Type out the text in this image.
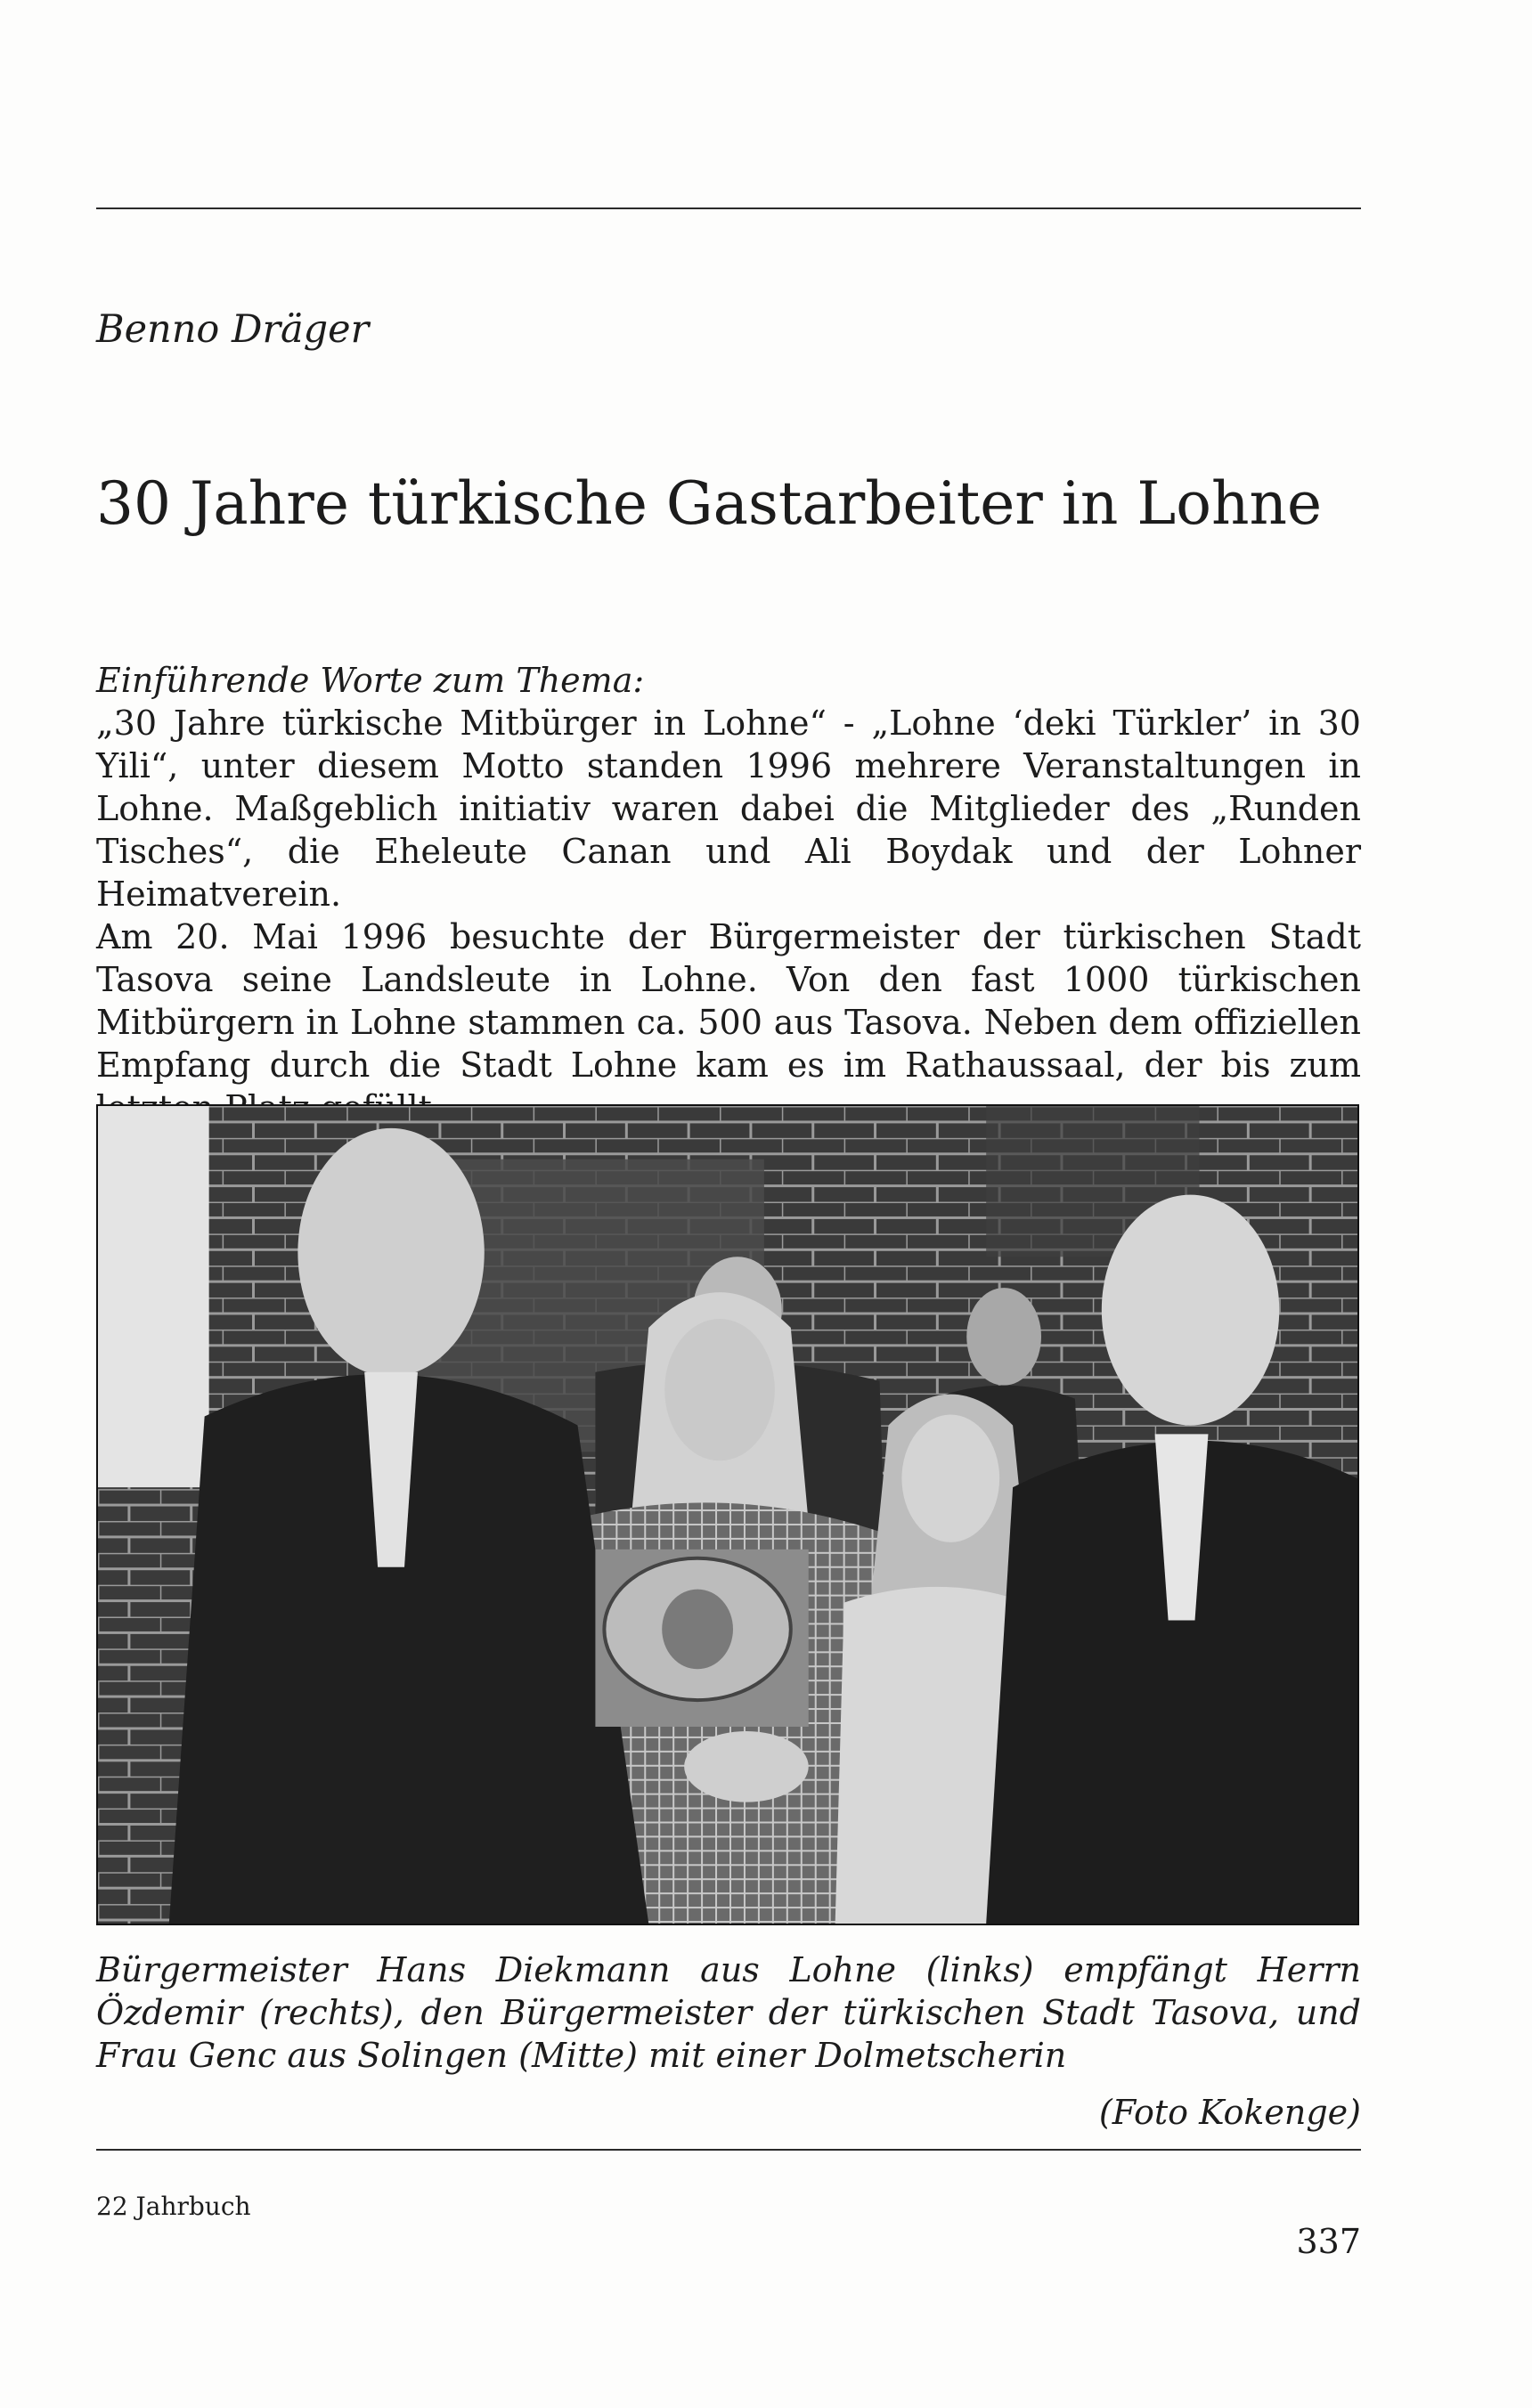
Benno Dräger
30 Jahre türkische Gastarbeiter in Lohne
Einführende Worte zum Thema:

„30 Jahre türkische Mitbürger in Lohne“ - „Lohne ‘deki Türkler’ in 30 Yili“, unter diesem Motto standen 1996 mehrere Veranstaltungen in Lohne. Maßgeblich initiativ waren dabei die Mitglieder des „Runden Tisches“, die Eheleute Canan und Ali Boydak und der Lohner Heimatverein.

Am 20. Mai 1996 besuchte der Bürgermeister der türkischen Stadt Tasova seine Landsleute in Lohne. Von den fast 1000 türkischen Mitbürgern in Lohne stammen ca. 500 aus Tasova. Neben dem offiziellen Empfang durch die Stadt Lohne kam es im Rathaussaal, der bis zum

Bürgermeister Hans Diekmann aus Lohne (links) empfängt Herrn Özdemir (rechts), den Bürgermeister der türkischen Stadt Tasova, und Frau Genc aus Solingen (Mitte) mit einer Dolmetscherin

(Foto Kokenge)
22 Jahrbuch
337
